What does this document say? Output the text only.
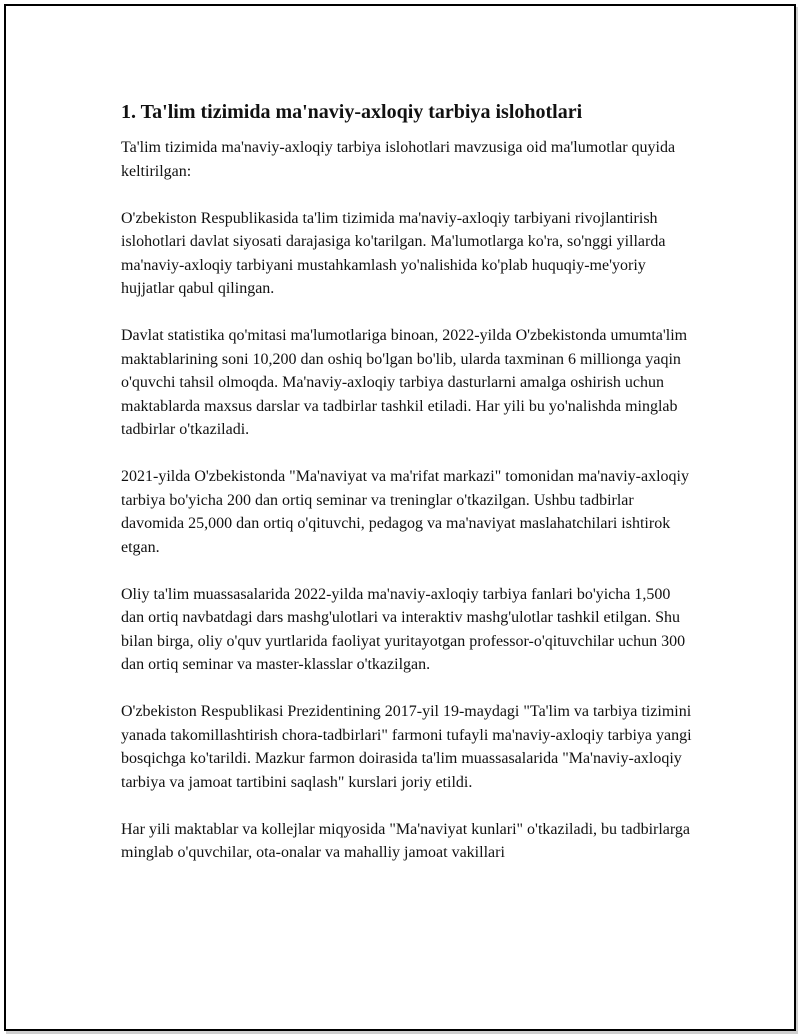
1. Ta'lim tizimida ma'naviy-axloqiy tarbiya islohotlari

Ta'lim tizimida ma'naviy-axloqiy tarbiya islohotlari mavzusiga oid ma'lumotlar quyida keltirilgan:

O'zbekiston Respublikasida ta'lim tizimida ma'naviy-axloqiy tarbiyani rivojlantirish islohotlari davlat siyosati darajasiga ko'tarilgan. Ma'lumotlarga ko'ra, so'nggi yillarda ma'naviy-axloqiy tarbiyani mustahkamlash yo'nalishida ko'plab huquqiy-me'yoriy hujjatlar qabul qilingan.

Davlat statistika qo'mitasi ma'lumotlariga binoan, 2022-yilda O'zbekistonda umumta'lim maktablarining soni 10,200 dan oshiq bo'lgan bo'lib, ularda taxminan 6 millionga yaqin o'quvchi tahsil olmoqda. Ma'naviy-axloqiy tarbiya dasturlarni amalga oshirish uchun maktablarda maxsus darslar va tadbirlar tashkil etiladi. Har yili bu yo'nalishda minglab tadbirlar o'tkaziladi.

2021-yilda O'zbekistonda "Ma'naviyat va ma'rifat markazi" tomonidan ma'naviy-axloqiy tarbiya bo'yicha 200 dan ortiq seminar va treninglar o'tkazilgan. Ushbu tadbirlar davomida 25,000 dan ortiq o'qituvchi, pedagog va ma'naviyat maslahatchilari ishtirok etgan.

Oliy ta'lim muassasalarida 2022-yilda ma'naviy-axloqiy tarbiya fanlari bo'yicha 1,500 dan ortiq navbatdagi dars mashg'ulotlari va interaktiv mashg'ulotlar tashkil etilgan. Shu bilan birga, oliy o'quv yurtlarida faoliyat yuritayotgan professor-o'qituvchilar uchun 300 dan ortiq seminar va master-klasslar o'tkazilgan.

O'zbekiston Respublikasi Prezidentining 2017-yil 19-maydagi "Ta'lim va tarbiya tizimini yanada takomillashtirish chora-tadbirlari" farmoni tufayli ma'naviy-axloqiy tarbiya yangi bosqichga ko'tarildi. Mazkur farmon doirasida ta'lim muassasalarida "Ma'naviy-axloqiy tarbiya va jamoat tartibini saqlash" kurslari joriy etildi.

Har yili maktablar va kollejlar miqyosida "Ma'naviyat kunlari" o'tkaziladi, bu tadbirlarga minglab o'quvchilar, ota-onalar va mahalliy jamoat vakillari
